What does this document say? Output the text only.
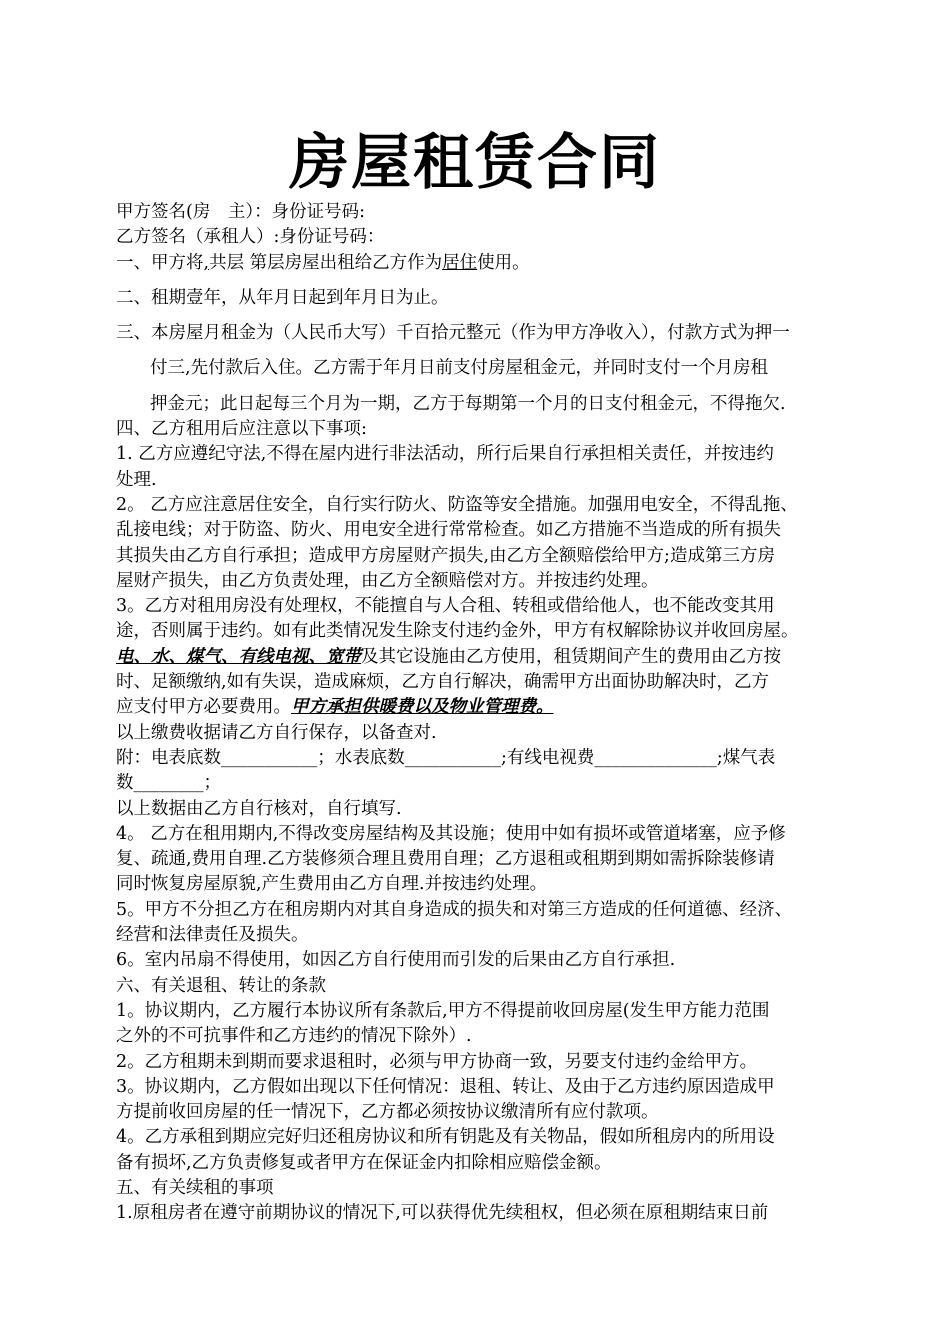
房屋租赁合同
甲方签名(房　主）：身份证号码:
乙方签名（承租人）:身份证号码：
一、甲方将,共层 第层房屋出租给乙方作为居住使用。
二、租期壹年，从年月日起到年月日为止。
三、本房屋月租金为（人民币大写）千百拾元整元（作为甲方净收入），付款方式为押一
付三,先付款后入住。乙方需于年月日前支付房屋租金元，并同时支付一个月房租
押金元；此日起每三个月为一期，乙方于每期第一个月的日支付租金元，不得拖欠.
四、乙方租用后应注意以下事项:
1. 乙方应遵纪守法,不得在屋内进行非法活动，所行后果自行承担相关责任，并按违约
处理.
2。 乙方应注意居住安全，自行实行防火、防盗等安全措施。加强用电安全，不得乱拖、
乱接电线；对于防盗、防火、用电安全进行常常检查。如乙方措施不当造成的所有损失
其损失由乙方自行承担；造成甲方房屋财产损失,由乙方全额赔偿给甲方;造成第三方房
屋财产损失，由乙方负责处理，由乙方全额赔偿对方。并按违约处理。
3。乙方对租用房没有处理权，不能擅自与人合租、转租或借给他人，也不能改变其用
途，否则属于违约。如有此类情况发生除支付违约金外，甲方有权解除协议并收回房屋。
电、水、煤气、有线电视、宽带及其它设施由乙方使用，租赁期间产生的费用由乙方按
时、足额缴纳,如有失误，造成麻烦，乙方自行解决，确需甲方出面协助解决时，乙方
应支付甲方必要费用。甲方承担供暖费以及物业管理费。
以上缴费收据请乙方自行保存，以备查对.
附：电表底数___________；水表底数___________;有线电视费______________;煤气表
数________；
以上数据由乙方自行核对，自行填写.
4。 乙方在租用期内,不得改变房屋结构及其设施；使用中如有损坏或管道堵塞，应予修
复、疏通,费用自理.乙方装修须合理且费用自理；乙方退租或租期到期如需拆除装修请
同时恢复房屋原貌,产生费用由乙方自理.并按违约处理。
5。甲方不分担乙方在租房期内对其自身造成的损失和对第三方造成的任何道德、经济、
经营和法律责任及损失。
6。室内吊扇不得使用，如因乙方自行使用而引发的后果由乙方自行承担.
六、有关退租、转让的条款
1。协议期内，乙方履行本协议所有条款后,甲方不得提前收回房屋(发生甲方能力范围
之外的不可抗事件和乙方违约的情况下除外）.
2。乙方租期未到期而要求退租时，必须与甲方协商一致，另要支付违约金给甲方。
3。协议期内，乙方假如出现以下任何情况：退租、转让、及由于乙方违约原因造成甲
方提前收回房屋的任一情况下，乙方都必须按协议缴清所有应付款项。
4。乙方承租到期应完好归还租房协议和所有钥匙及有关物品，假如所租房内的所用设
备有损坏,乙方负责修复或者甲方在保证金内扣除相应赔偿金额。
五、有关续租的事项
1.原租房者在遵守前期协议的情况下,可以获得优先续租权，但必须在原租期结束日前
